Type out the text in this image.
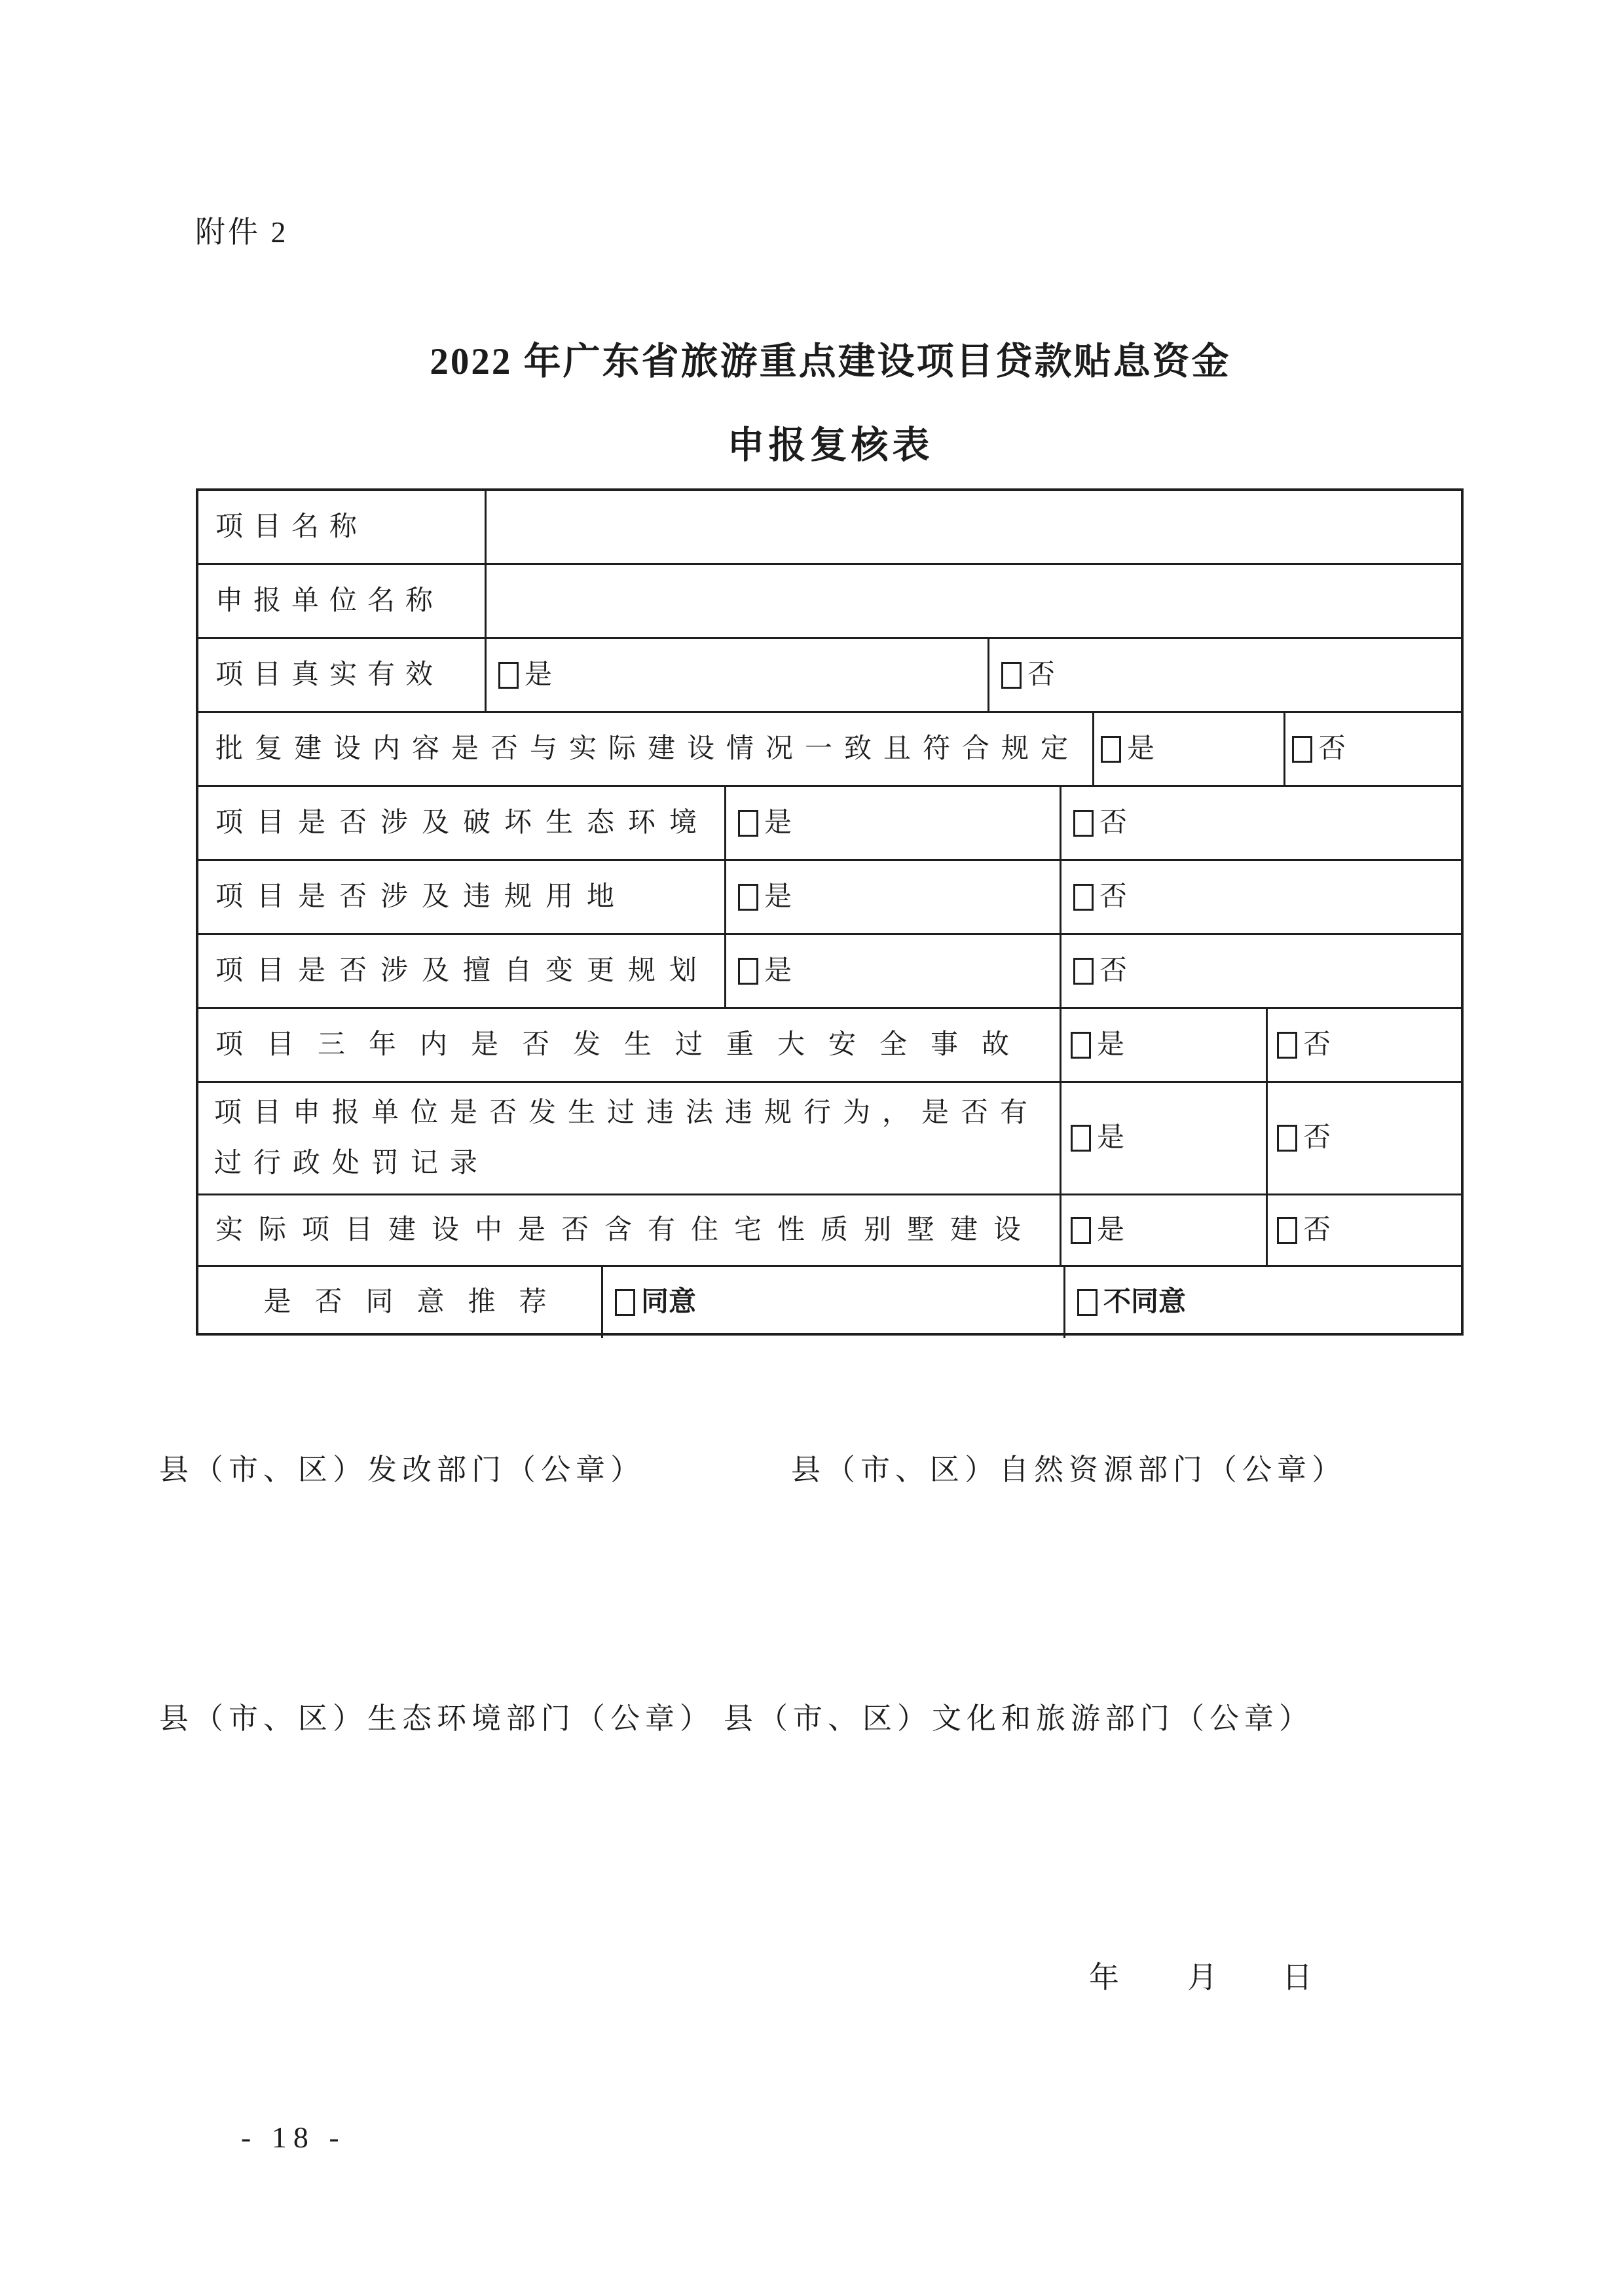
附件 2
2022 年广东省旅游重点建设项目贷款贴息资金
申报复核表
项目名称
申报单位名称
项目真实有效	是	否
批复建设内容是否与实际建设情况一致且符合规定 是	否
项目是否涉及破坏生态环境 是	否
项目是否涉及违规用地	是	否
项目是否涉及擅自变更规划 是	否
项目三年内是否发生过重大安全事故 是	否
项目申报单位是否发生过违法违规行为，是否有过行政处罚记录
是	否
实际项目建设中是否含有住宅性质别墅建设 是	否
是否同意推荐	同意	不同意
县（市、区）发改部门（公章）	县（市、区）自然资源部门（公章）
县（市、区）生态环境部门（公章） 县（市、区）文化和旅游部门（公章）
年 月 日
- 18 -
